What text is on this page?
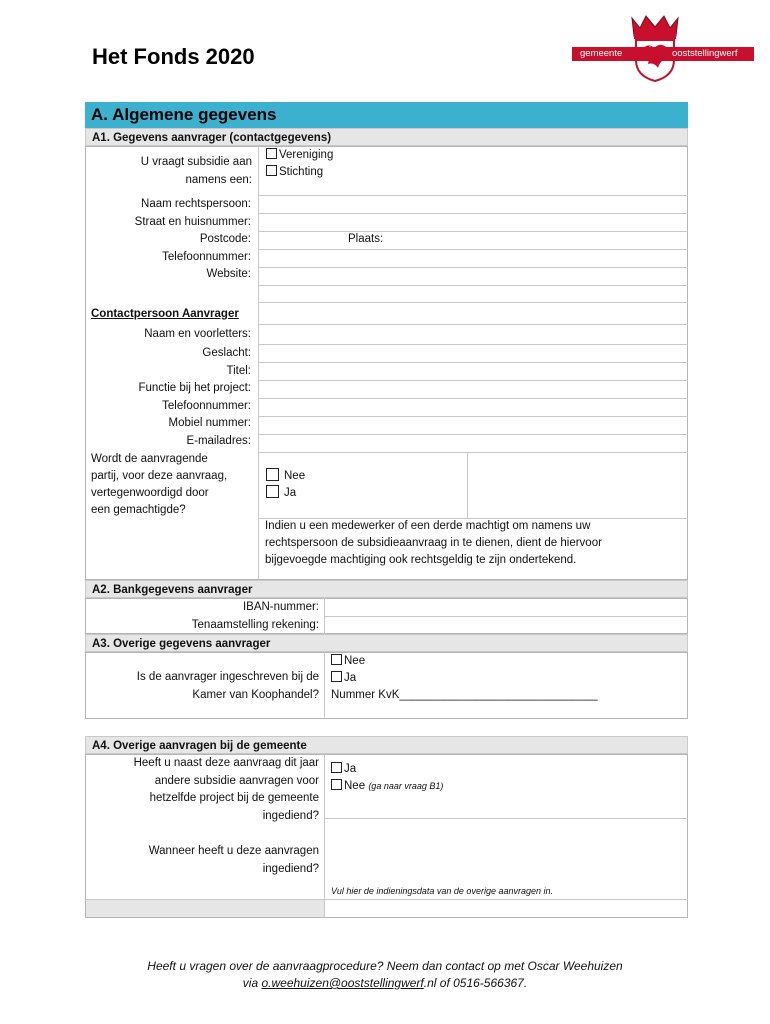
Het Fonds 2020	gemeente	ooststellingwerf
A. Algemene gegevens
A1. Gegevens aanvrager (contactgegevens)
U vraagt subsidie aan
namens een:
Vereniging
Stichting
Naam rechtspersoon:
Straat en huisnummer:
Postcode:
Telefoonnummer:
Website:
Plaats:
Contactpersoon Aanvrager
Naam en voorletters:
Geslacht:
Titel:
Functie bij het project:
Telefoonnummer:
Mobiel nummer:
E-mailadres:
Wordt de aanvragende
partij, voor deze aanvraag,
vertegenwoordigd door
een gemachtigde?
Nee
Ja
Indien u een medewerker of een derde machtigt om namens uw
rechtspersoon de subsidieaanvraag in te dienen, dient de hiervoor
bijgevoegde machtiging ook rechtsgeldig te zijn ondertekend.
A2. Bankgegevens aanvrager
IBAN-nummer:
Tenaamstelling rekening:
A3. Overige gegevens aanvrager
Is de aanvrager ingeschreven bij de
Kamer van Koophandel?
Nee
Ja
Nummer KvK_______________________________
A4. Overige aanvragen bij de gemeente
Heeft u naast deze aanvraag dit jaar
andere subsidie aanvragen voor
hetzelfde project bij de gemeente
ingediend?
Ja
Nee (ga naar vraag B1)
Wanneer heeft u deze aanvragen
ingediend?
Vul hier de indieningsdata van de overige aanvragen in.
Heeft u vragen over de aanvraagprocedure? Neem dan contact op met Oscar Weehuizen
via o.weehuizen@ooststellingwerf.nl of 0516-566367.
